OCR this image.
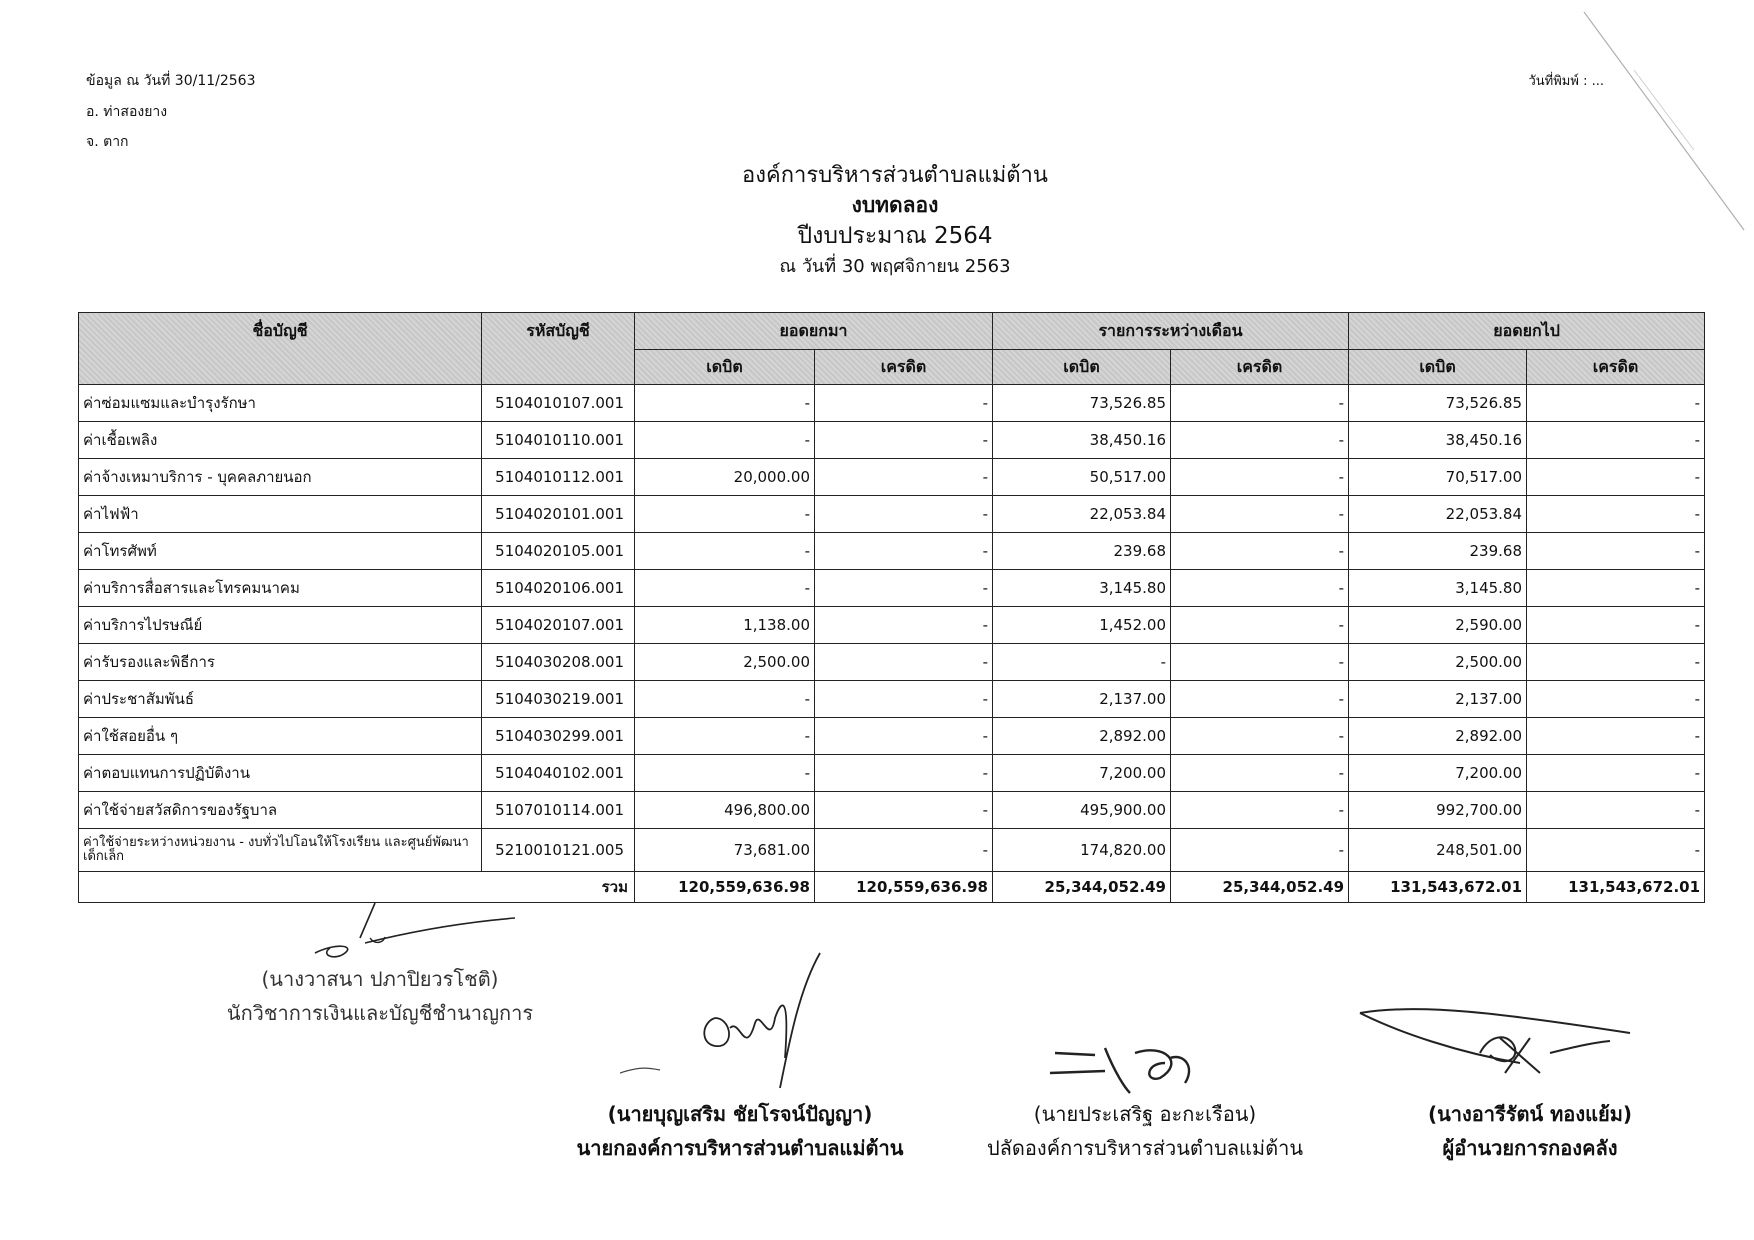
ข้อมูล ณ วันที่ 30/11/2563
อ. ท่าสองยาง
จ. ตาก
วันที่พิมพ์ : ...
องค์การบริหารส่วนตำบลแม่ต้าน
งบทดลอง
ปีงบประมาณ 2564
ณ วันที่ 30 พฤศจิกายน 2563
ชื่อบัญชี	รหัสบัญชี	ยอดยกมา		รายการระหว่างเดือน		ยอดยกไป	
		เดบิต	เครดิต	เดบิต	เครดิต	เดบิต	เครดิต
ค่าซ่อมแซมและบำรุงรักษา	5104010107.001	-	-	73,526.85	-	73,526.85	-
ค่าเชื้อเพลิง	5104010110.001	-	-	38,450.16	-	38,450.16	-
ค่าจ้างเหมาบริการ - บุคคลภายนอก	5104010112.001	20,000.00	-	50,517.00	-	70,517.00	-
ค่าไฟฟ้า	5104020101.001	-	-	22,053.84	-	22,053.84	-
ค่าโทรศัพท์	5104020105.001	-	-	239.68	-	239.68	-
ค่าบริการสื่อสารและโทรคมนาคม	5104020106.001	-	-	3,145.80	-	3,145.80	-
ค่าบริการไปรษณีย์	5104020107.001	1,138.00	-	1,452.00	-	2,590.00	-
ค่ารับรองและพิธีการ	5104030208.001	2,500.00	-	-	-	2,500.00	-
ค่าประชาสัมพันธ์	5104030219.001	-	-	2,137.00	-	2,137.00	-
ค่าใช้สอยอื่น ๆ	5104030299.001	-	-	2,892.00	-	2,892.00	-
ค่าตอบแทนการปฏิบัติงาน	5104040102.001	-	-	7,200.00	-	7,200.00	-
ค่าใช้จ่ายสวัสดิการของรัฐบาล	5107010114.001	496,800.00	-	495,900.00	-	992,700.00	-
ค่าใช้จ่ายระหว่างหน่วยงาน - งบทั่วไปโอนให้โรงเรียน และศูนย์พัฒนาเด็กเล็ก	5210010121.005	73,681.00	-	174,820.00	-	248,501.00	-
รวม		120,559,636.98	120,559,636.98	25,344,052.49	25,344,052.49	131,543,672.01	131,543,672.01
(นางวาสนา ปภาปิยวรโชติ)
นักวิชาการเงินและบัญชีชำนาญการ
(นายบุญเสริม ชัยโรจน์ปัญญา)
นายกองค์การบริหารส่วนตำบลแม่ต้าน
(นายประเสริฐ อะกะเรือน)
ปลัดองค์การบริหารส่วนตำบลแม่ต้าน
(นางอารีรัตน์ ทองแย้ม)
ผู้อำนวยการกองคลัง
